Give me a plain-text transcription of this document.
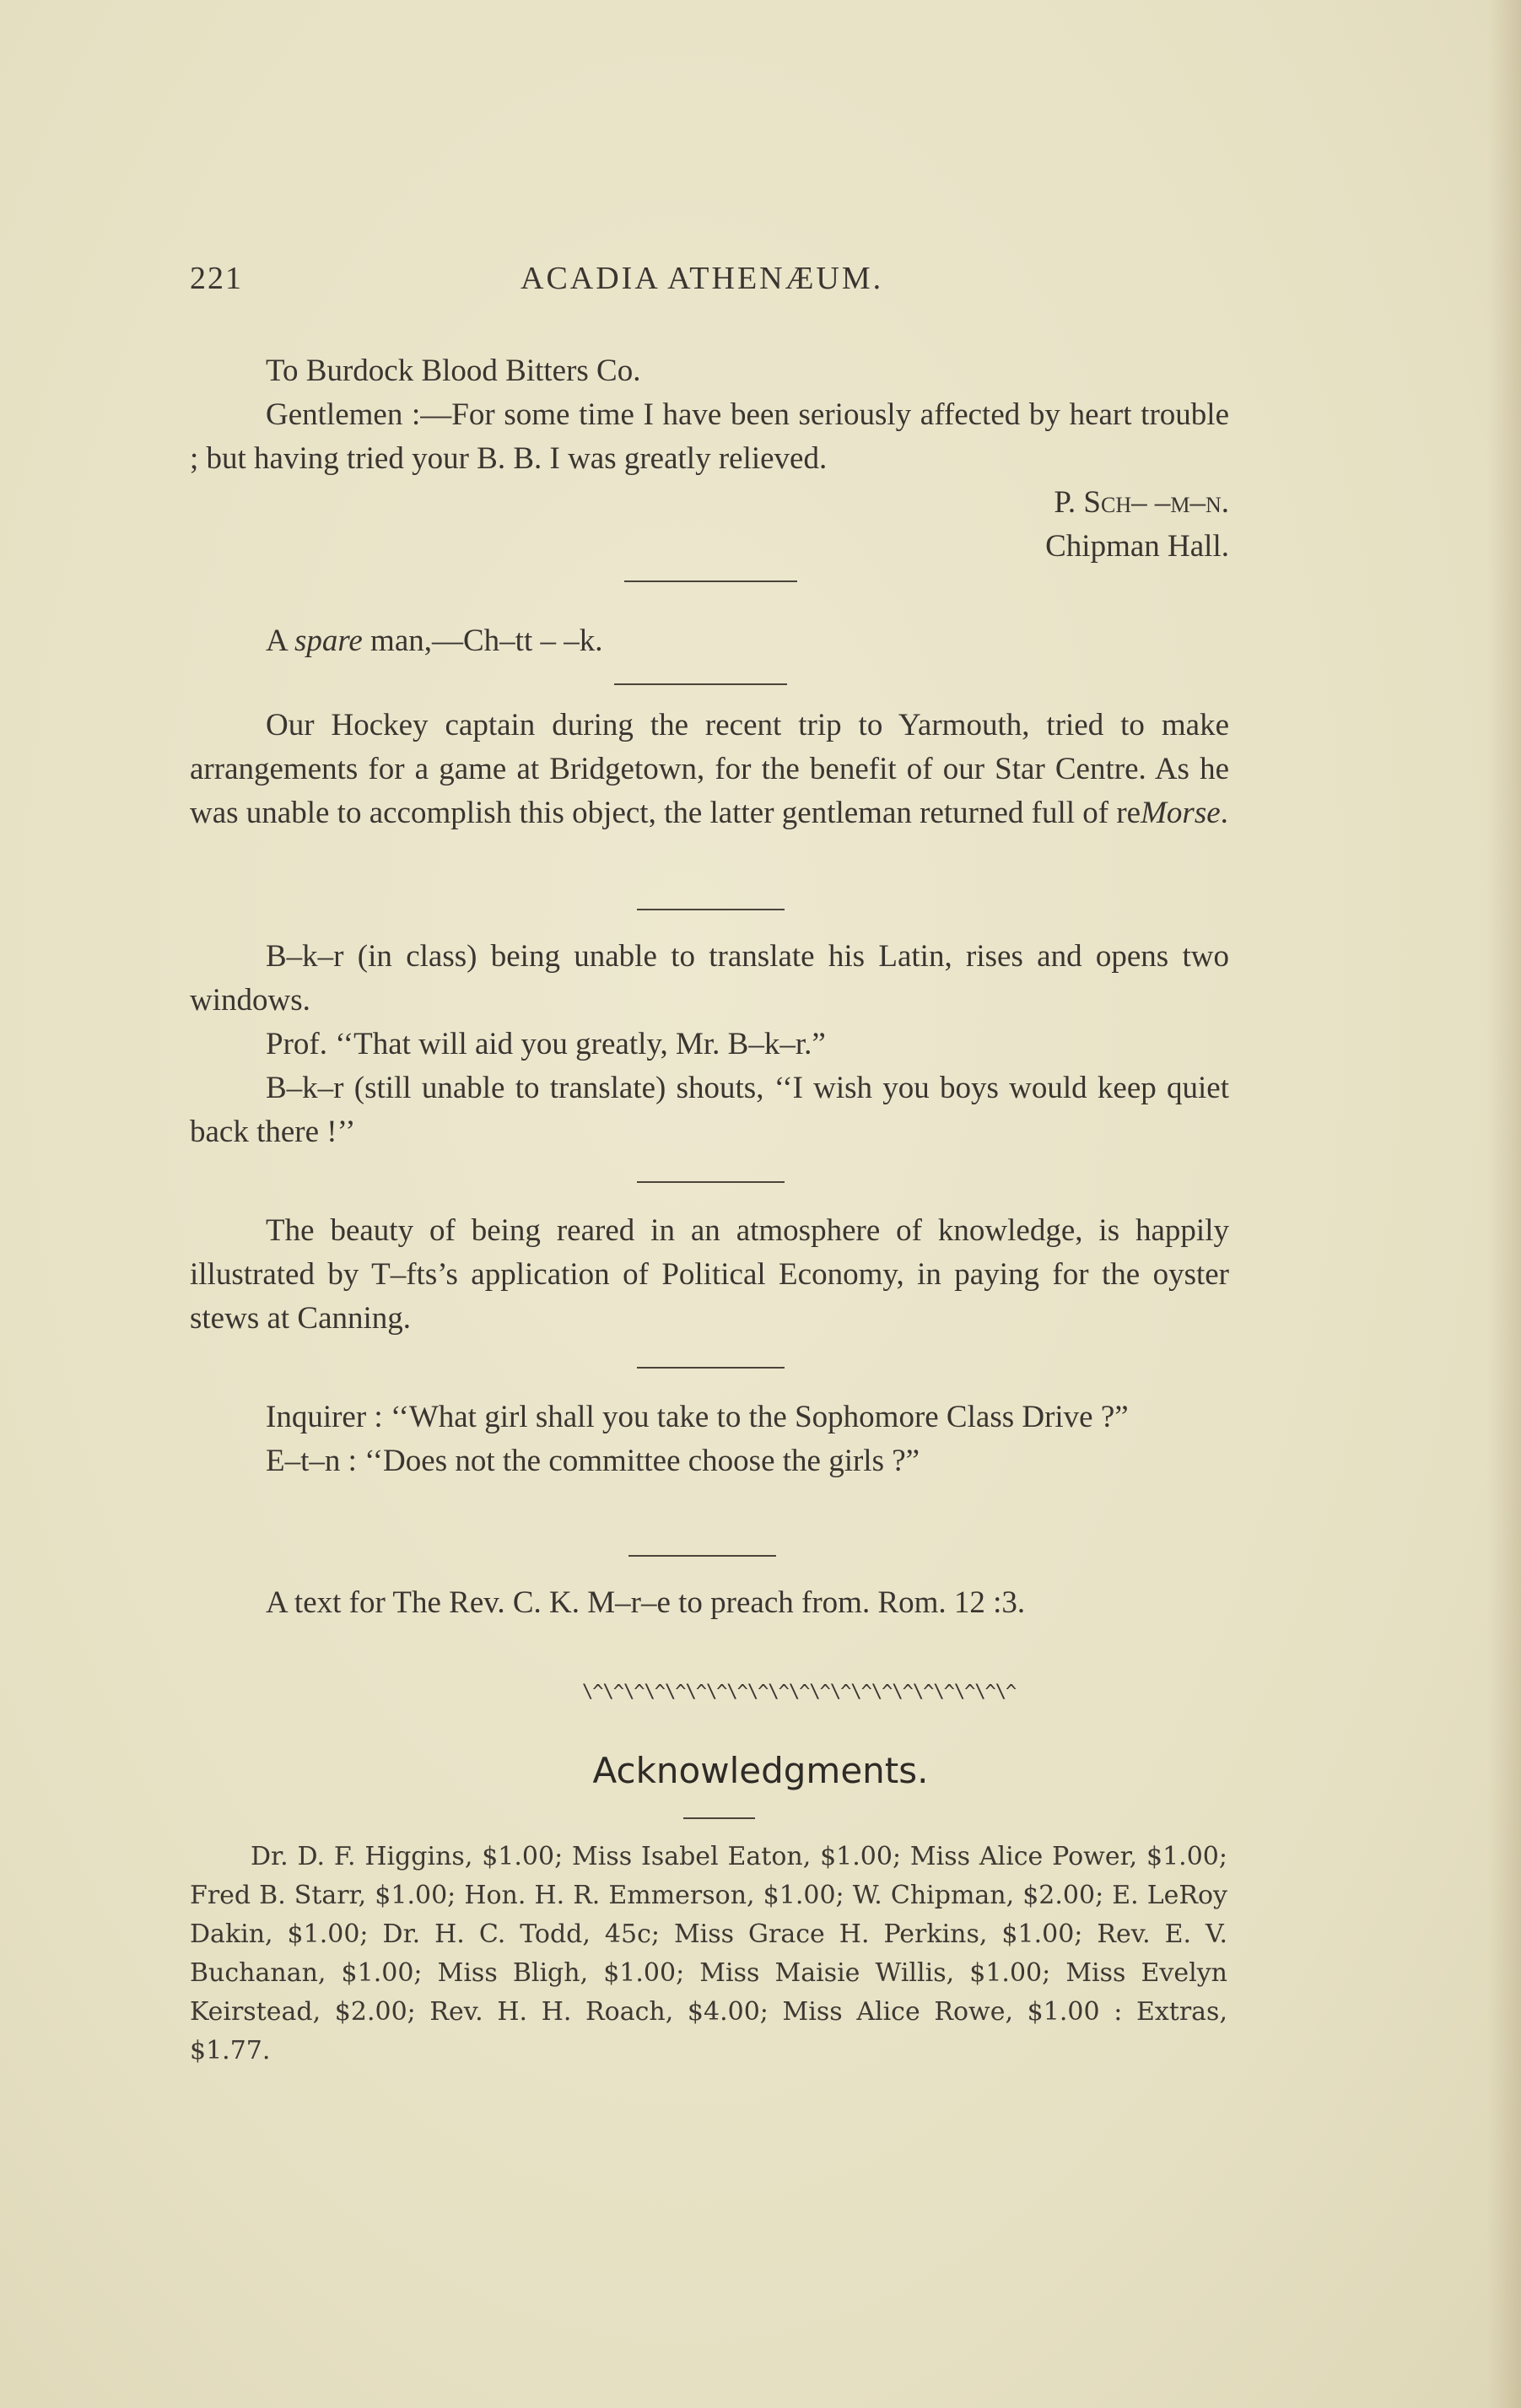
221	ACADIA ATHENÆUM.

To Burdock Blood Bitters Co.

Gentlemen :—For some time I have been seriously affected by heart trouble ; but having tried your B. B. I was greatly relieved.

P. Sch– –m–n.

Chipman Hall.

A spare man,—Ch–tt – –k.

Our Hockey captain during the recent trip to Yarmouth, tried to make arrangements for a game at Bridgetown, for the benefit of our Star Centre. As he was unable to accomplish this object, the latter gentleman returned full of reMorse.

B–k–r (in class) being unable to translate his Latin, rises and opens two windows.

Prof. ‘‘That will aid you greatly, Mr. B–k–r.”

B–k–r (still unable to translate) shouts, ‘‘I wish you boys would keep quiet back there !’’

The beauty of being reared in an atmosphere of knowledge, is happily illustrated by T–fts’s application of Political Economy, in paying for the oyster stews at Canning.

Inquirer : ‘‘What girl shall you take to the Sophomore Class Drive ?”

E–t–n : ‘‘Does not the committee choose the girls ?”

A text for The Rev. C. K. M–r–e to preach from. Rom. 12 :3.

\^\^\^\^\^\^\^\^\^\^\^\^\^\^\^\^\^\^\^\^\^
Acknowledgments.

Dr. D. F. Higgins, $1.00; Miss Isabel Eaton, $1.00; Miss Alice Power, $1.00; Fred B. Starr, $1.00; Hon. H. R. Emmerson, $1.00; W. Chipman, $2.00; E. LeRoy Dakin, $1.00; Dr. H. C. Todd, 45c; Miss Grace H. Perkins, $1.00; Rev. E. V. Buchanan, $1.00; Miss Bligh, $1.00; Miss Maisie Willis, $1.00; Miss Evelyn Keirstead, $2.00; Rev. H. H. Roach, $4.00; Miss Alice Rowe, $1.00 : Extras, $1.77.
